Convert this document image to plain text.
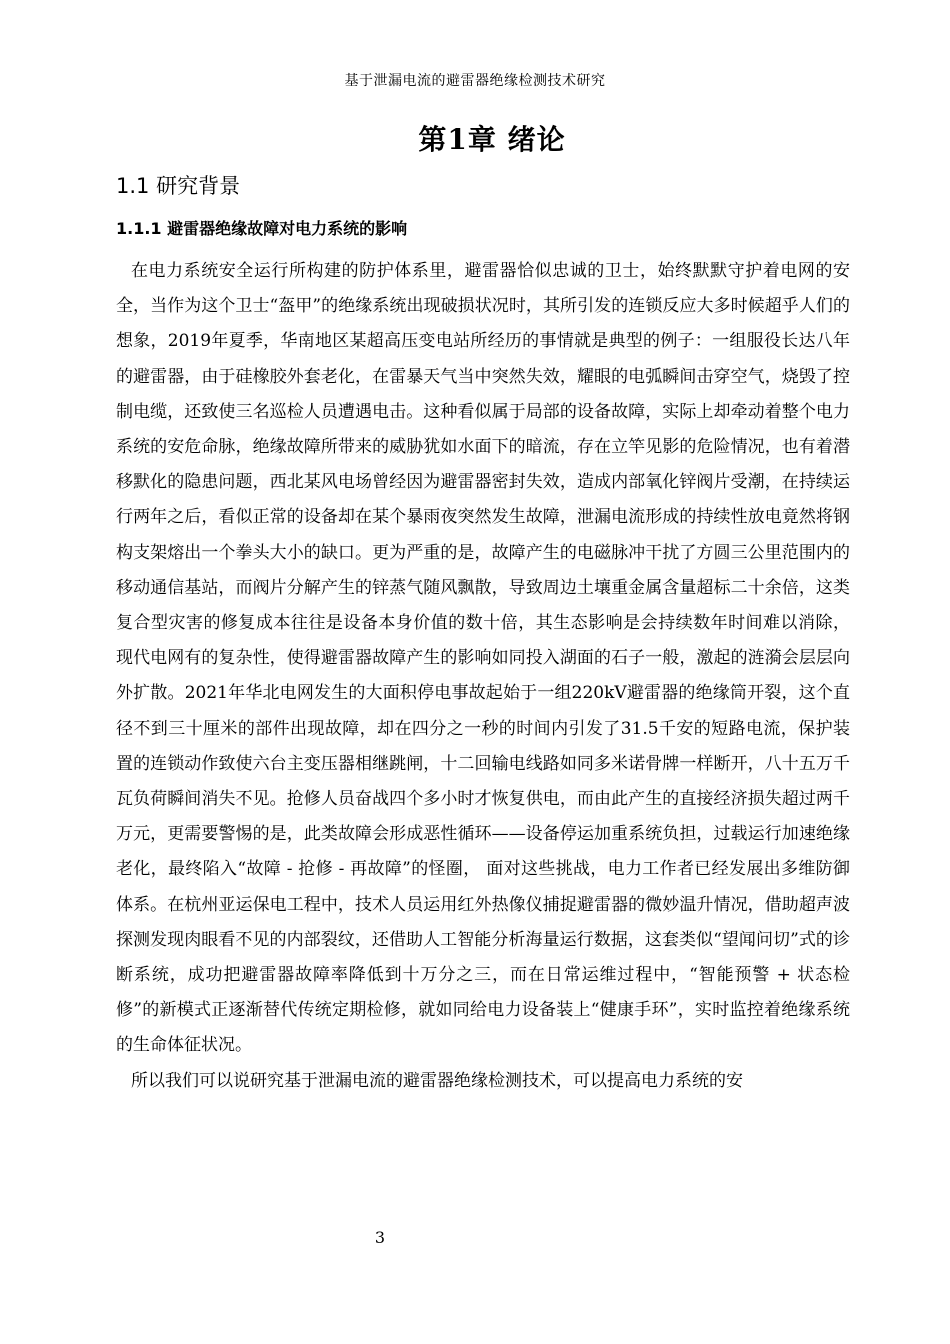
基于泄漏电流的避雷器绝缘检测技术研究
第1章 绪论
1.1 研究背景
1.1.1 避雷器绝缘故障对电力系统的影响

在电力系统安全运行所构建的防护体系里，避雷器恰似忠诚的卫士，始终默默守护着电网的安全，当作为这个卫士“盔甲”的绝缘系统出现破损状况时，其所引发的连锁反应大多时候超乎人们的想象，2019年夏季，华南地区某超高压变电站所经历的事情就是典型的例子：一组服役长达八年的避雷器，由于硅橡胶外套老化，在雷暴天气当中突然失效，耀眼的电弧瞬间击穿空气，烧毁了控制电缆，还致使三名巡检人员遭遇电击。这种看似属于局部的设备故障，实际上却牵动着整个电力系统的安危命脉，绝缘故障所带来的威胁犹如水面下的暗流，存在立竿见影的危险情况，也有着潜移默化的隐患问题，西北某风电场曾经因为避雷器密封失效，造成内部氧化锌阀片受潮，在持续运行两年之后，看似正常的设备却在某个暴雨夜突然发生故障，泄漏电流形成的持续性放电竟然将钢构支架熔出一个拳头大小的缺口。更为严重的是，故障产生的电磁脉冲干扰了方圆三公里范围内的移动通信基站，而阀片分解产生的锌蒸气随风飘散，导致周边土壤重金属含量超标二十余倍，这类复合型灾害的修复成本往往是设备本身价值的数十倍，其生态影响是会持续数年时间难以消除， 现代电网有的复杂性，使得避雷器故障产生的影响如同投入湖面的石子一般，激起的涟漪会层层向外扩散。2021年华北电网发生的大面积停电事故起始于一组220kV避雷器的绝缘筒开裂，这个直径不到三十厘米的部件出现故障，却在四分之一秒的时间内引发了31.5千安的短路电流，保护装置的连锁动作致使六台主变压器相继跳闸，十二回输电线路如同多米诺骨牌一样断开，八十五万千瓦负荷瞬间消失不见。抢修人员奋战四个多小时才恢复供电，而由此产生的直接经济损失超过两千万元，更需要警惕的是，此类故障会形成恶性循环——设备停运加重系统负担，过载运行加速绝缘老化，最终陷入“故障 - 抢修 - 再故障”的怪圈， 面对这些挑战，电力工作者已经发展出多维防御体系。在杭州亚运保电工程中，技术人员运用红外热像仪捕捉避雷器的微妙温升情况，借助超声波探测发现肉眼看不见的内部裂纹，还借助人工智能分析海量运行数据，这套类似“望闻问切”式的诊断系统，成功把避雷器故障率降低到十万分之三，而在日常运维过程中，“智能预警 + 状态检修”的新模式正逐渐替代传统定期检修，就如同给电力设备装上“健康手环”，实时监控着绝缘系统的生命体征状况。

所以我们可以说研究基于泄漏电流的避雷器绝缘检测技术，可以提高电力系统的安

3
